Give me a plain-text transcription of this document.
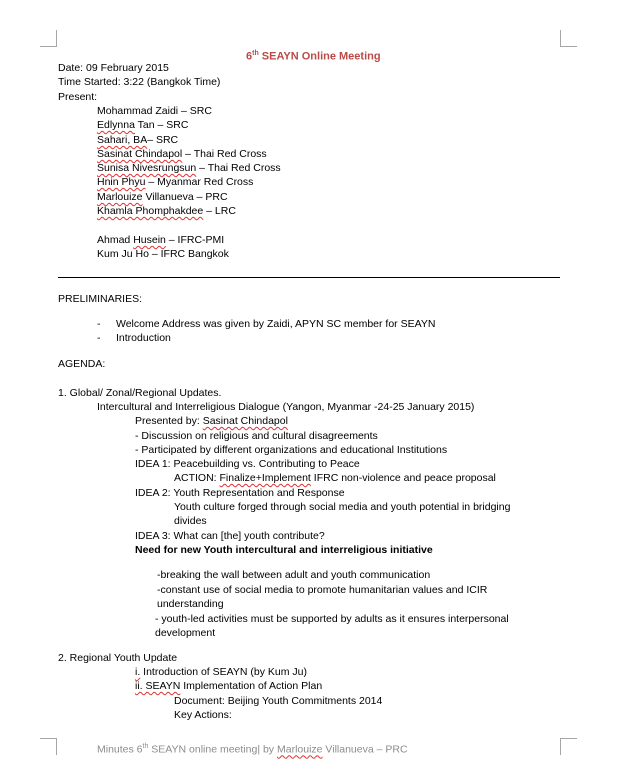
6th SEAYN Online Meeting
Date: 09 February 2015
Time Started: 3:22 (Bangkok Time)
Present:
Mohammad Zaidi – SRC
Edlynna Tan – SRC
Sahari, BA– SRC
Sasinat Chindapol – Thai Red Cross
Sunisa Nivesrungsun – Thai Red Cross
Hnin Phyu – Myanmar Red Cross
Marlouize Villanueva – PRC
Khamla Phomphakdee – LRC
Ahmad Husein – IFRC-PMI
Kum Ju Ho – IFRC Bangkok
PRELIMINARIES:
- Welcome Address was given by Zaidi, APYN SC member for SEAYN
- Introduction
AGENDA:
1. Global/ Zonal/Regional Updates.
Intercultural and Interreligious Dialogue (Yangon, Myanmar -24-25 January 2015)
Presented by: Sasinat Chindapol
- Discussion on religious and cultural disagreements
- Participated by different organizations and educational Institutions
IDEA 1: Peacebuilding vs. Contributing to Peace
ACTION: Finalize+Implement IFRC non-violence and peace proposal
IDEA 2: Youth Representation and Response
Youth culture forged through social media and youth potential in bridging
divides
IDEA 3: What can [the] youth contribute?
Need for new Youth intercultural and interreligious initiative
-breaking the wall between adult and youth communication
-constant use of social media to promote humanitarian values and ICIR
understanding
- youth-led activities must be supported by adults as it ensures interpersonal
development
2. Regional Youth Update
i. Introduction of SEAYN (by Kum Ju)
ii. SEAYN Implementation of Action Plan
Document: Beijing Youth Commitments 2014
Key Actions:
Minutes 6th SEAYN online meeting| by Marlouize Villanueva – PRC
